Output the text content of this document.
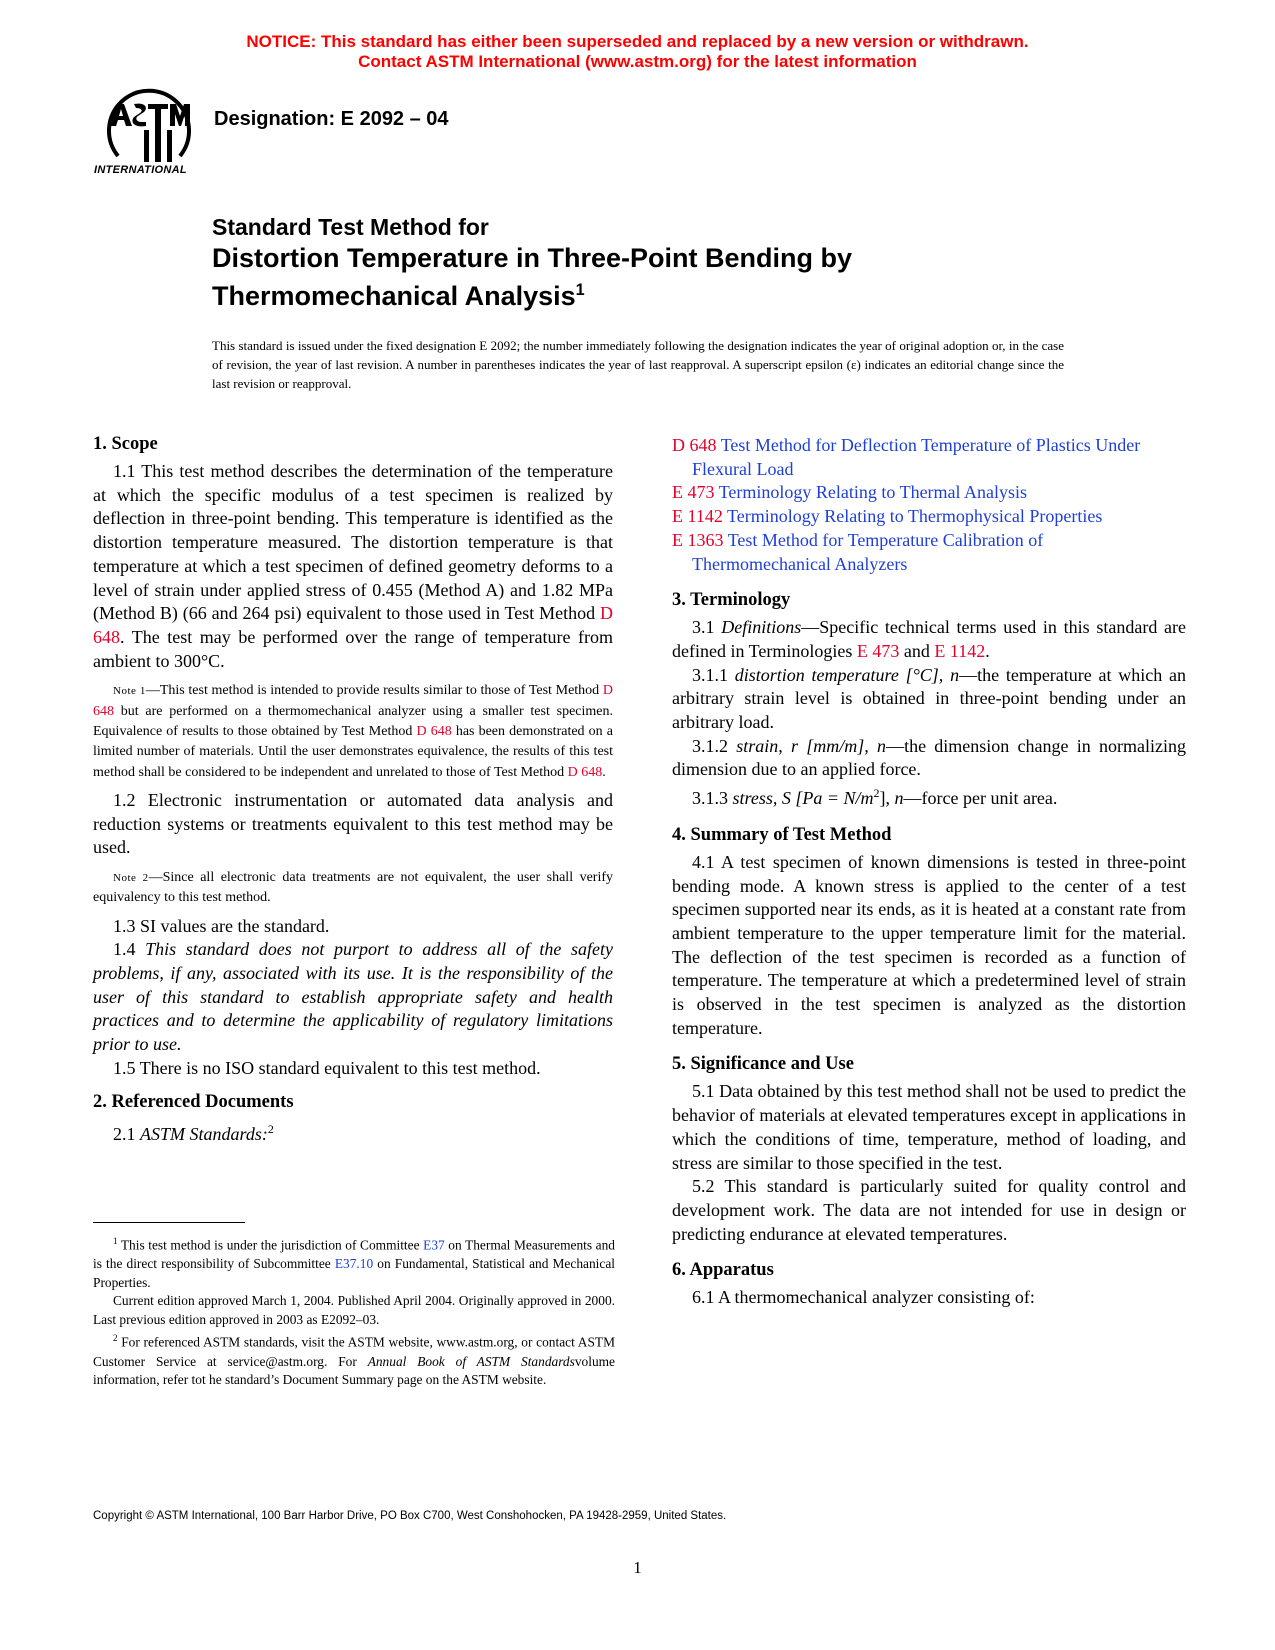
NOTICE: This standard has either been superseded and replaced by a new version or withdrawn.
Contact ASTM International (www.astm.org) for the latest information
INTERNATIONAL
Designation: E 2092 – 04
Standard Test Method for
Distortion Temperature in Three-Point Bending by
Thermomechanical Analysis$^1$
This standard is issued under the fixed designation E 2092; the number immediately following the designation indicates the year of original adoption or, in the case of revision, the year of last revision. A number in parentheses indicates the year of last reapproval. A superscript epsilon (ε) indicates an editorial change since the last revision or reapproval.
1. Scope

1.1 This test method describes the determination of the temperature at which the specific modulus of a test specimen is realized by deflection in three-point bending. This temperature is identified as the distortion temperature measured. The distortion temperature is that temperature at which a test specimen of defined geometry deforms to a level of strain under applied stress of 0.455 (Method A) and 1.82 MPa (Method B) (66 and 264 psi) equivalent to those used in Test Method D 648. The test may be performed over the range of temperature from ambient to 300°C.

Note 1—This test method is intended to provide results similar to those of Test Method D 648 but are performed on a thermomechanical analyzer using a smaller test specimen. Equivalence of results to those obtained by Test Method D 648 has been demonstrated on a limited number of materials. Until the user demonstrates equivalence, the results of this test method shall be considered to be independent and unrelated to those of Test Method D 648.

1.2 Electronic instrumentation or automated data analysis and reduction systems or treatments equivalent to this test method may be used.

Note 2—Since all electronic data treatments are not equivalent, the user shall verify equivalency to this test method.

1.3 SI values are the standard.

1.4 This standard does not purport to address all of the safety problems, if any, associated with its use. It is the responsibility of the user of this standard to establish appropriate safety and health practices and to determine the applicability of regulatory limitations prior to use.

1.5 There is no ISO standard equivalent to this test method.

2. Referenced Documents

2.1 ASTM Standards:$^2$

D 648 Test Method for Deflection Temperature of Plastics Under Flexural Load

E 473 Terminology Relating to Thermal Analysis

E 1142 Terminology Relating to Thermophysical Properties

E 1363 Test Method for Temperature Calibration of Thermomechanical Analyzers

3. Terminology

3.1 Definitions—Specific technical terms used in this standard are defined in Terminologies E 473 and E 1142.

3.1.1 distortion temperature [°C], n—the temperature at which an arbitrary strain level is obtained in three-point bending under an arbitrary load.

3.1.2 strain, r [mm/m], n—the dimension change in normalizing dimension due to an applied force.

3.1.3 stress, S $[Pa = N/m^2]$, n—force per unit area.

4. Summary of Test Method

4.1 A test specimen of known dimensions is tested in three-point bending mode. A known stress is applied to the center of a test specimen supported near its ends, as it is heated at a constant rate from ambient temperature to the upper temperature limit for the material. The deflection of the test specimen is recorded as a function of temperature. The temperature at which a predetermined level of strain is observed in the test specimen is analyzed as the distortion temperature.

5. Significance and Use

5.1 Data obtained by this test method shall not be used to predict the behavior of materials at elevated temperatures except in applications in which the conditions of time, temperature, method of loading, and stress are similar to those specified in the test.

5.2 This standard is particularly suited for quality control and development work. The data are not intended for use in design or predicting endurance at elevated temperatures.

6. Apparatus

6.1 A thermomechanical analyzer consisting of:

$^1$ This test method is under the jurisdiction of Committee E37 on Thermal Measurements and is the direct responsibility of Subcommittee E37.10 on Fundamental, Statistical and Mechanical Properties.

Current edition approved March 1, 2004. Published April 2004. Originally approved in 2000. Last previous edition approved in 2003 as E2092–03.

$^2$ For referenced ASTM standards, visit the ASTM website, www.astm.org, or contact ASTM Customer Service at service@astm.org. For Annual Book of ASTM Standardsvolume information, refer tot he standard’s Document Summary page on the ASTM website.

Copyright © ASTM International, 100 Barr Harbor Drive, PO Box C700, West Conshohocken, PA 19428-2959, United States.
1
